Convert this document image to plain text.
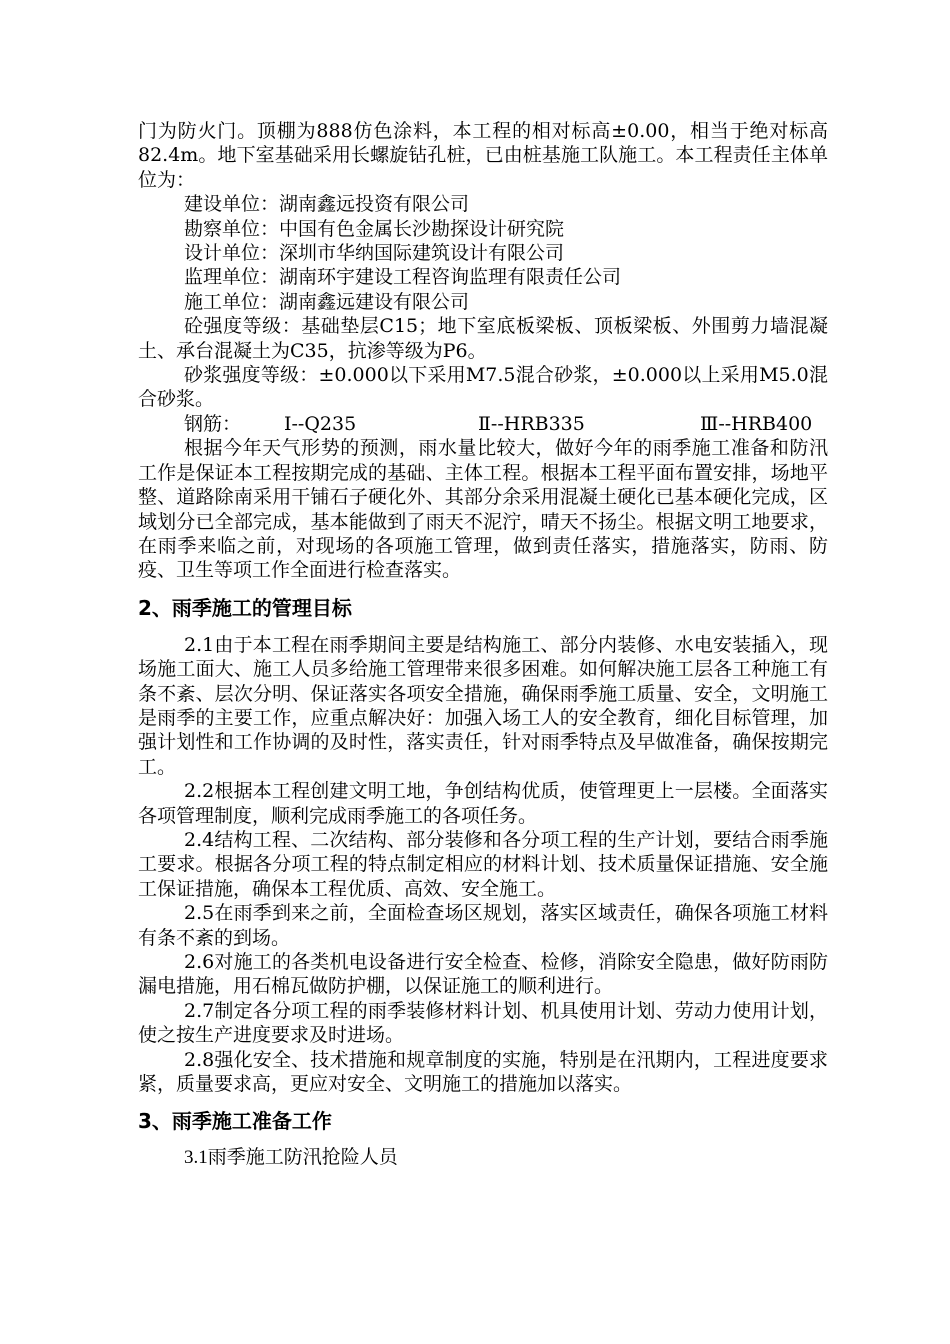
门为防火门。顶棚为888仿色涂料，本工程的相对标高±0.00，相当于绝对标高82.4m。地下室基础采用长螺旋钻孔桩，已由桩基施工队施工。本工程责任主体单位为：

建设单位：湖南鑫远投资有限公司

勘察单位：中国有色金属长沙勘探设计研究院

设计单位：深圳市华纳国际建筑设计有限公司

监理单位：湖南环宇建设工程咨询监理有限责任公司

施工单位：湖南鑫远建设有限公司

砼强度等级：基础垫层C15；地下室底板梁板、顶板梁板、外围剪力墙混凝土、承台混凝土为C35，抗渗等级为P6。

砂浆强度等级：±0.000以下采用M7.5混合砂浆，±0.000以上采用M5.0混合砂浆。

钢筋： Ⅰ--Q235	Ⅱ--HRB335	Ⅲ--HRB400

根据今年天气形势的预测，雨水量比较大，做好今年的雨季施工准备和防汛工作是保证本工程按期完成的基础、主体工程。根据本工程平面布置安排，场地平整、道路除南采用干铺石子硬化外、其部分余采用混凝土硬化已基本硬化完成，区域划分已全部完成，基本能做到了雨天不泥泞，晴天不扬尘。根据文明工地要求，在雨季来临之前，对现场的各项施工管理，做到责任落实，措施落实，防雨、防疫、卫生等项工作全面进行检查落实。

2、雨季施工的管理目标

2.1由于本工程在雨季期间主要是结构施工、部分内装修、水电安装插入，现场施工面大、施工人员多给施工管理带来很多困难。如何解决施工层各工种施工有条不紊、层次分明、保证落实各项安全措施，确保雨季施工质量、安全，文明施工是雨季的主要工作，应重点解决好：加强入场工人的安全教育，细化目标管理，加强计划性和工作协调的及时性，落实责任，针对雨季特点及早做准备，确保按期完工。

2.2根据本工程创建文明工地，争创结构优质，使管理更上一层楼。全面落实各项管理制度，顺利完成雨季施工的各项任务。

2.4结构工程、二次结构、部分装修和各分项工程的生产计划，要结合雨季施工要求。根据各分项工程的特点制定相应的材料计划、技术质量保证措施、安全施工保证措施，确保本工程优质、高效、安全施工。

2.5在雨季到来之前，全面检查场区规划，落实区域责任，确保各项施工材料有条不紊的到场。

2.6对施工的各类机电设备进行安全检查、检修，消除安全隐患，做好防雨防漏电措施，用石棉瓦做防护棚，以保证施工的顺利进行。

2.7制定各分项工程的雨季装修材料计划、机具使用计划、劳动力使用计划，使之按生产进度要求及时进场。

2.8强化安全、技术措施和规章制度的实施，特别是在汛期内，工程进度要求紧，质量要求高，更应对安全、文明施工的措施加以落实。

3、雨季施工准备工作

3.1雨季施工防汛抢险人员
